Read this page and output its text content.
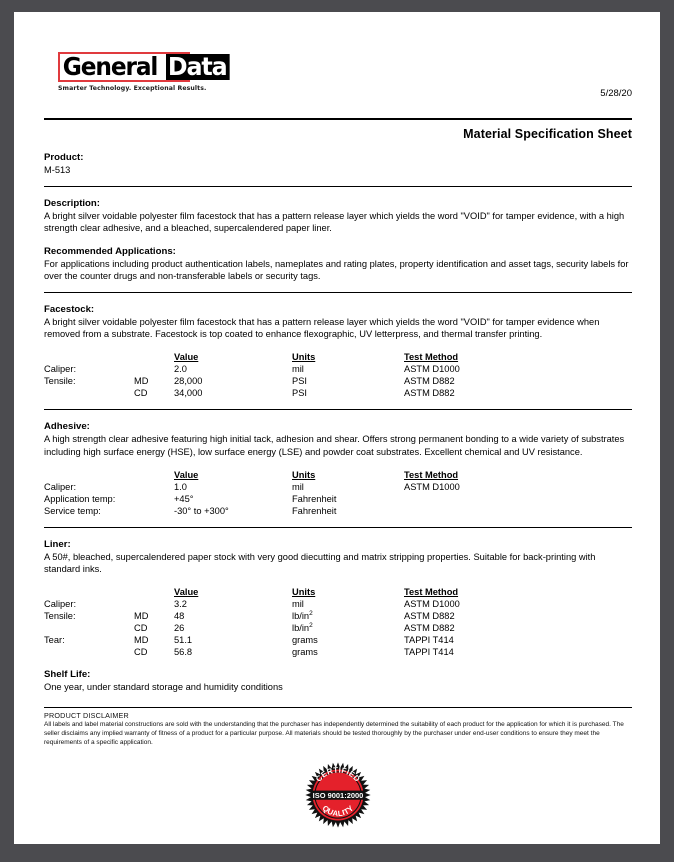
General Data
Smarter Technology. Exceptional Results.	5/28/20
Material Specification Sheet
Product:
M-513
Description:
A bright silver voidable polyester film facestock that has a pattern release layer which yields the word "VOID" for tamper evidence, with a high strength clear adhesive, and a bleached, supercalendered paper liner.
Recommended Applications:
For applications including product authentication labels, nameplates and rating plates, property identification and asset tags, security labels for over the counter drugs and non-transferable labels or security tags.
Facestock:
A bright silver voidable polyester film facestock that has a pattern release layer which yields the word "VOID" for tamper evidence when removed from a substrate. Facestock is top coated to enhance flexographic, UV letterpress, and thermal transfer printing.
		Value	Units	Test Method
Caliper:		2.0	mil	ASTM D1000
Tensile:	MD	28,000	PSI	ASTM D882
	CD	34,000	PSI	ASTM D882
Adhesive:
A high strength clear adhesive featuring high initial tack, adhesion and shear. Offers strong permanent bonding to a wide variety of substrates including high surface energy (HSE), low surface energy (LSE) and powder coat substrates. Excellent chemical and UV resistance.
		Value	Units	Test Method
Caliper:		1.0	mil	ASTM D1000
Application temp:		+45°	Fahrenheit	
Service temp:		-30° to +300°	Fahrenheit	
Liner:
A 50#, bleached, supercalendered paper stock with very good diecutting and matrix stripping properties. Suitable for back-printing with standard inks.
		Value	Units	Test Method
Caliper:		3.2	mil	ASTM D1000
Tensile:	MD	48	$lb/in^2$	ASTM D882
	CD	26	$lb/in^2$	ASTM D882
Tear:	MD	51.1	grams	TAPPI T414
	CD	56.8	grams	TAPPI T414
Shelf Life:
One year, under standard storage and humidity conditions
PRODUCT DISCLAIMER
All labels and label material constructions are sold with the understanding that the purchaser has independently determined the suitability of each product for the application for which it is purchased. The seller disclaims any implied warranty of fitness of a product for a particular purpose. All materials should be tested thoroughly by the purchaser under end-user conditions to ensure they meet the requirements of a specific application.
CERTIFIED
QUALITY
ISO 9001:2000
